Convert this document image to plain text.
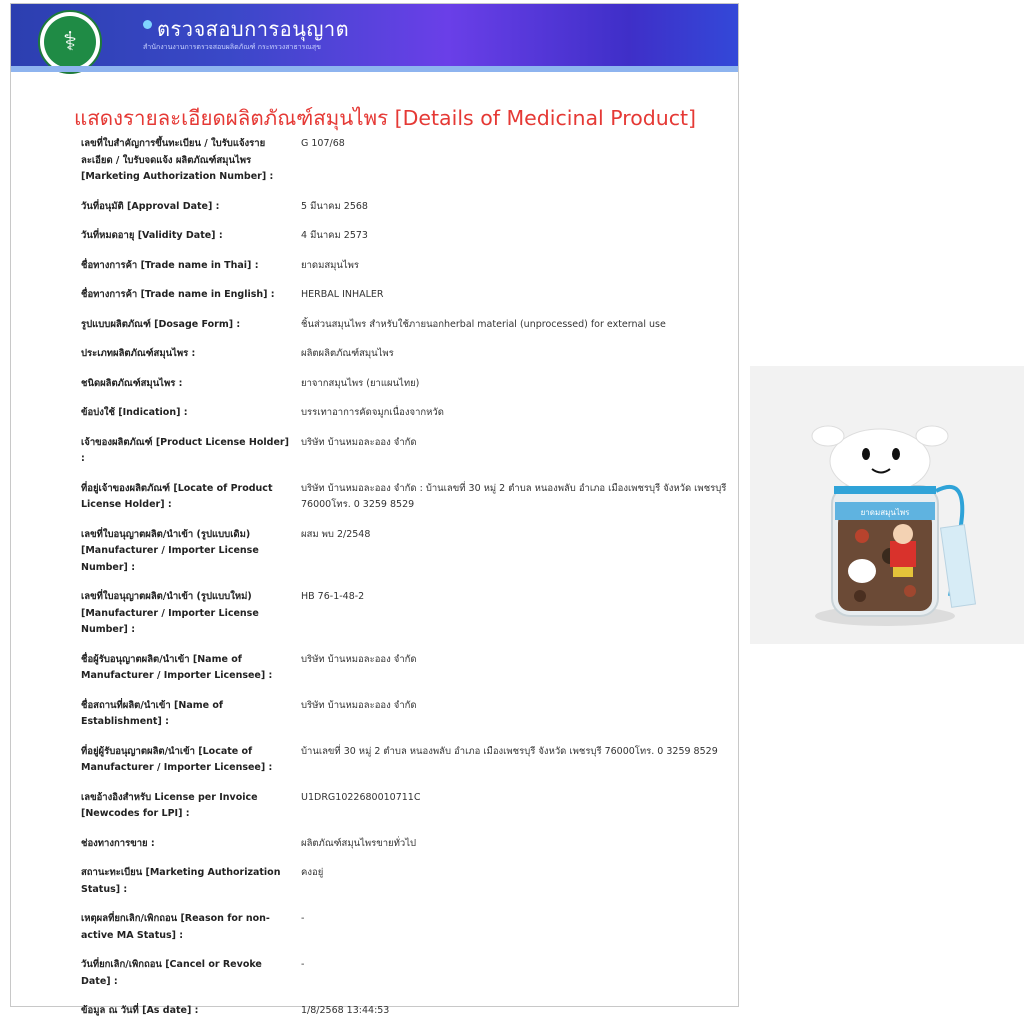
⚕	ตรวจสอบการอนุญาต
สำนักงานงานการตรวจสอบผลิตภัณฑ์ กระทรวงสาธารณสุข
แสดงรายละเอียดผลิตภัณฑ์สมุนไพร [Details of Medicinal Product]
เลขที่ใบสำคัญการขึ้นทะเบียน / ใบรับแจ้งรายละเอียด / ใบรับจดแจ้ง ผลิตภัณฑ์สมุนไพร [Marketing Authorization Number] :
G 107/68
วันที่อนุมัติ [Approval Date] :	5 มีนาคม 2568
วันที่หมดอายุ [Validity Date] :	4 มีนาคม 2573
ชื่อทางการค้า [Trade name in Thai] :	ยาดมสมุนไพร
ชื่อทางการค้า [Trade name in English] :	HERBAL INHALER
รูปแบบผลิตภัณฑ์ [Dosage Form] :	ชิ้นส่วนสมุนไพร สำหรับใช้ภายนอกherbal material (unprocessed) for external use
ประเภทผลิตภัณฑ์สมุนไพร :	ผลิตผลิตภัณฑ์สมุนไพร
ชนิดผลิตภัณฑ์สมุนไพร :	ยาจากสมุนไพร (ยาแผนไทย)
ข้อบ่งใช้ [Indication] :	บรรเทาอาการคัดจมูกเนื่องจากหวัด
เจ้าของผลิตภัณฑ์ [Product License Holder] :
บริษัท บ้านหมอละออง จำกัด
ที่อยู่เจ้าของผลิตภัณฑ์ [Locate of Product License Holder] :
บริษัท บ้านหมอละออง จำกัด : บ้านเลขที่ 30 หมู่ 2 ตำบล หนองพลับ อำเภอ เมืองเพชรบุรี จังหวัด เพชรบุรี 76000โทร. 0 3259 8529
เลขที่ใบอนุญาตผลิต/นำเข้า (รูปแบบเดิม) [Manufacturer / Importer License Number] :
ผสม พบ 2/2548
เลขที่ใบอนุญาตผลิต/นำเข้า (รูปแบบใหม่) [Manufacturer / Importer License Number] :
HB 76-1-48-2
ชื่อผู้รับอนุญาตผลิต/นำเข้า [Name of Manufacturer / Importer Licensee] :
บริษัท บ้านหมอละออง จำกัด
ชื่อสถานที่ผลิต/นำเข้า [Name of Establishment] :
บริษัท บ้านหมอละออง จำกัด
ที่อยู่ผู้รับอนุญาตผลิต/นำเข้า [Locate of Manufacturer / Importer Licensee] :
บ้านเลขที่ 30 หมู่ 2 ตำบล หนองพลับ อำเภอ เมืองเพชรบุรี จังหวัด เพชรบุรี 76000โทร. 0 3259 8529
เลขอ้างอิงสำหรับ License per Invoice [Newcodes for LPI] :
U1DRG1022680010711C
ช่องทางการขาย :	ผลิตภัณฑ์สมุนไพรขายทั่วไป
สถานะทะเบียน [Marketing Authorization Status] :
คงอยู่
เหตุผลที่ยกเลิก/เพิกถอน [Reason for non-active MA Status] :
-
วันที่ยกเลิก/เพิกถอน [Cancel or Revoke Date] :
-
ข้อมูล ณ วันที่ [As date] :	1/8/2568 13:44:53
ยาดมสมุนไพร
